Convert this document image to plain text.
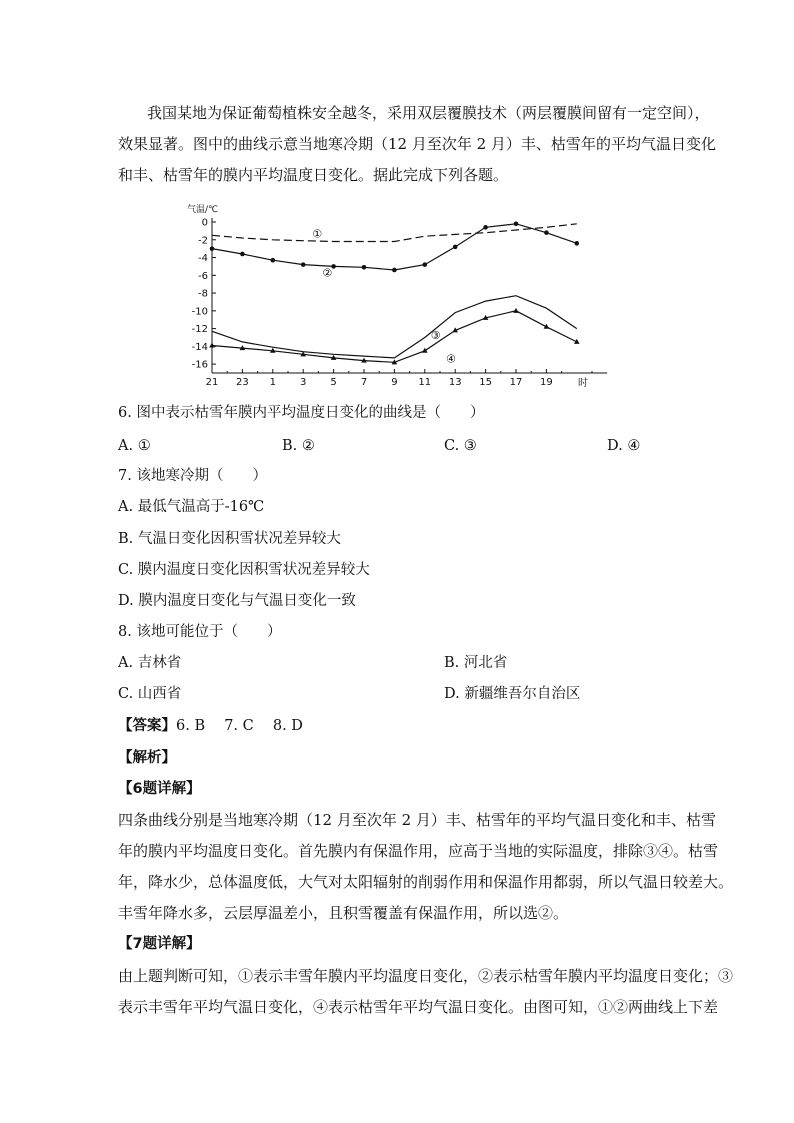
我国某地为保证葡萄植株安全越冬，采用双层覆膜技术（两层覆膜间留有一定空间），
效果显著。图中的曲线示意当地寒冷期（12 月至次年 2 月）丰、枯雪年的平均气温日变化
和丰、枯雪年的膜内平均温度日变化。据此完成下列各题。
气温/℃
时
0
-2
-4
-6
-8
-10
-12
-14
-16
21 23 1 3 5 7 9 11 13 15 17 19
①
②
③
④
6. 图中表示枯雪年膜内平均温度日变化的曲线是（　　）
A. ①	B. ②	C. ③	D. ④
7. 该地寒冷期（　　）
A. 最低气温高于-16℃
B. 气温日变化因积雪状况差异较大
C. 膜内温度日变化因积雪状况差异较大
D. 膜内温度日变化与气温日变化一致
8. 该地可能位于（　　）
A. 吉林省	B. 河北省
C. 山西省	D. 新疆维吾尔自治区
【答案】6. B　 7. C　 8. D
【解析】
【6题详解】
四条曲线分别是当地寒冷期（12 月至次年 2 月）丰、枯雪年的平均气温日变化和丰、枯雪
年的膜内平均温度日变化。首先膜内有保温作用，应高于当地的实际温度，排除③④。枯雪
年，降水少，总体温度低，大气对太阳辐射的削弱作用和保温作用都弱，所以气温日较差大。
丰雪年降水多，云层厚温差小，且积雪覆盖有保温作用，所以选②。
【7题详解】
由上题判断可知，①表示丰雪年膜内平均温度日变化，②表示枯雪年膜内平均温度日变化；③
表示丰雪年平均气温日变化，④表示枯雪年平均气温日变化。由图可知，①②两曲线上下差
